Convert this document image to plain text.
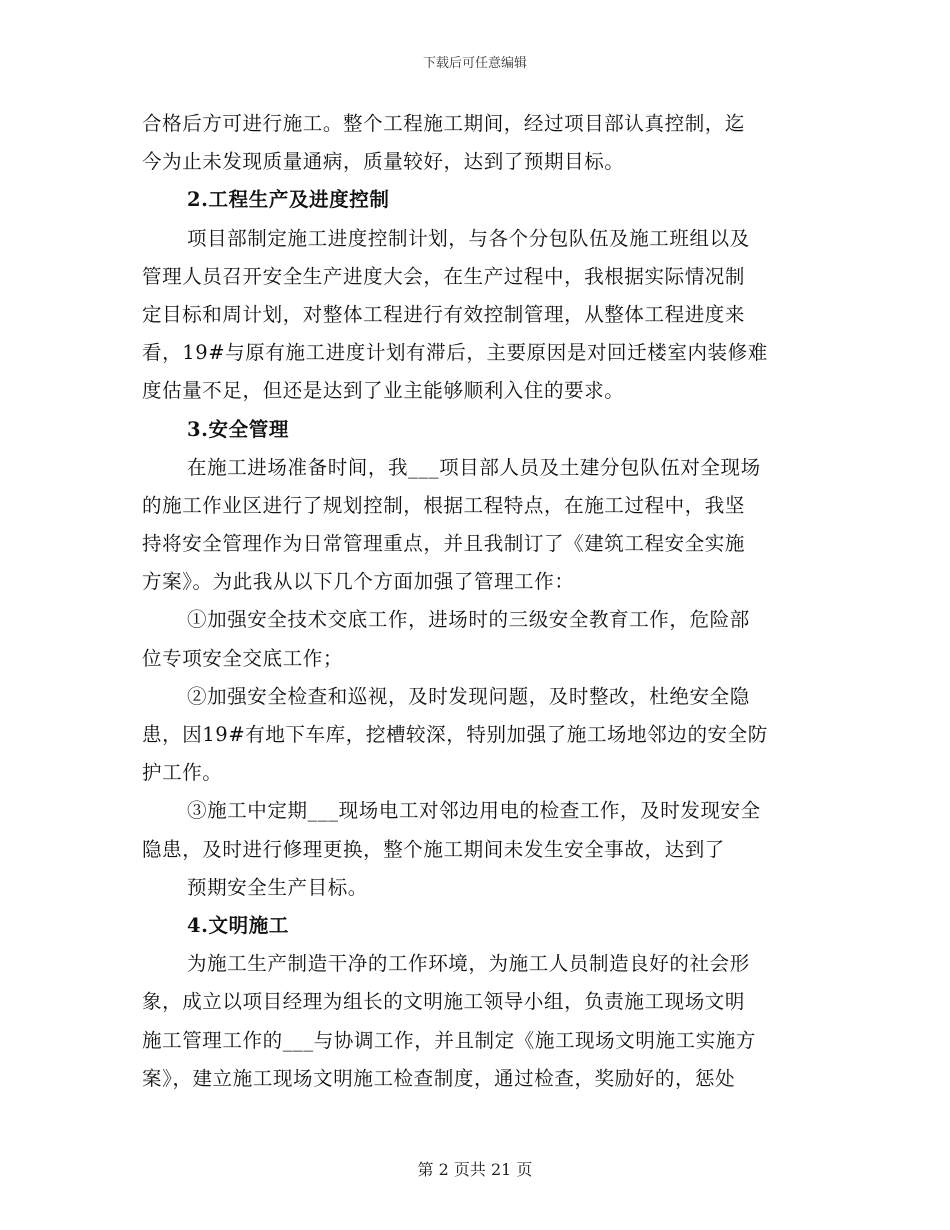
下载后可任意编辑
合格后方可进行施工。整个工程施工期间，经过项目部认真控制，迄
今为止未发现质量通病，质量较好，达到了预期目标。
2.工程生产及进度控制
项目部制定施工进度控制计划，与各个分包队伍及施工班组以及
管理人员召开安全生产进度大会，在生产过程中，我根据实际情况制
定目标和周计划，对整体工程进行有效控制管理，从整体工程进度来
看，19#与原有施工进度计划有滞后，主要原因是对回迁楼室内装修难
度估量不足，但还是达到了业主能够顺利入住的要求。
3.安全管理
在施工进场准备时间，我___项目部人员及土建分包队伍对全现场
的施工作业区进行了规划控制，根据工程特点，在施工过程中，我坚
持将安全管理作为日常管理重点，并且我制订了《建筑工程安全实施
方案》。为此我从以下几个方面加强了管理工作：
①加强安全技术交底工作，进场时的三级安全教育工作，危险部
位专项安全交底工作；
②加强安全检查和巡视，及时发现问题，及时整改，杜绝安全隐
患，因19#有地下车库，挖槽较深，特别加强了施工场地邻边的安全防
护工作。
③施工中定期___现场电工对邻边用电的检查工作，及时发现安全
隐患，及时进行修理更换，整个施工期间未发生安全事故，达到了
预期安全生产目标。
4.文明施工
为施工生产制造干净的工作环境，为施工人员制造良好的社会形
象，成立以项目经理为组长的文明施工领导小组，负责施工现场文明
施工管理工作的___与协调工作，并且制定《施工现场文明施工实施方
案》，建立施工现场文明施工检查制度，通过检查，奖励好的，惩处
第 2 页共 21 页
